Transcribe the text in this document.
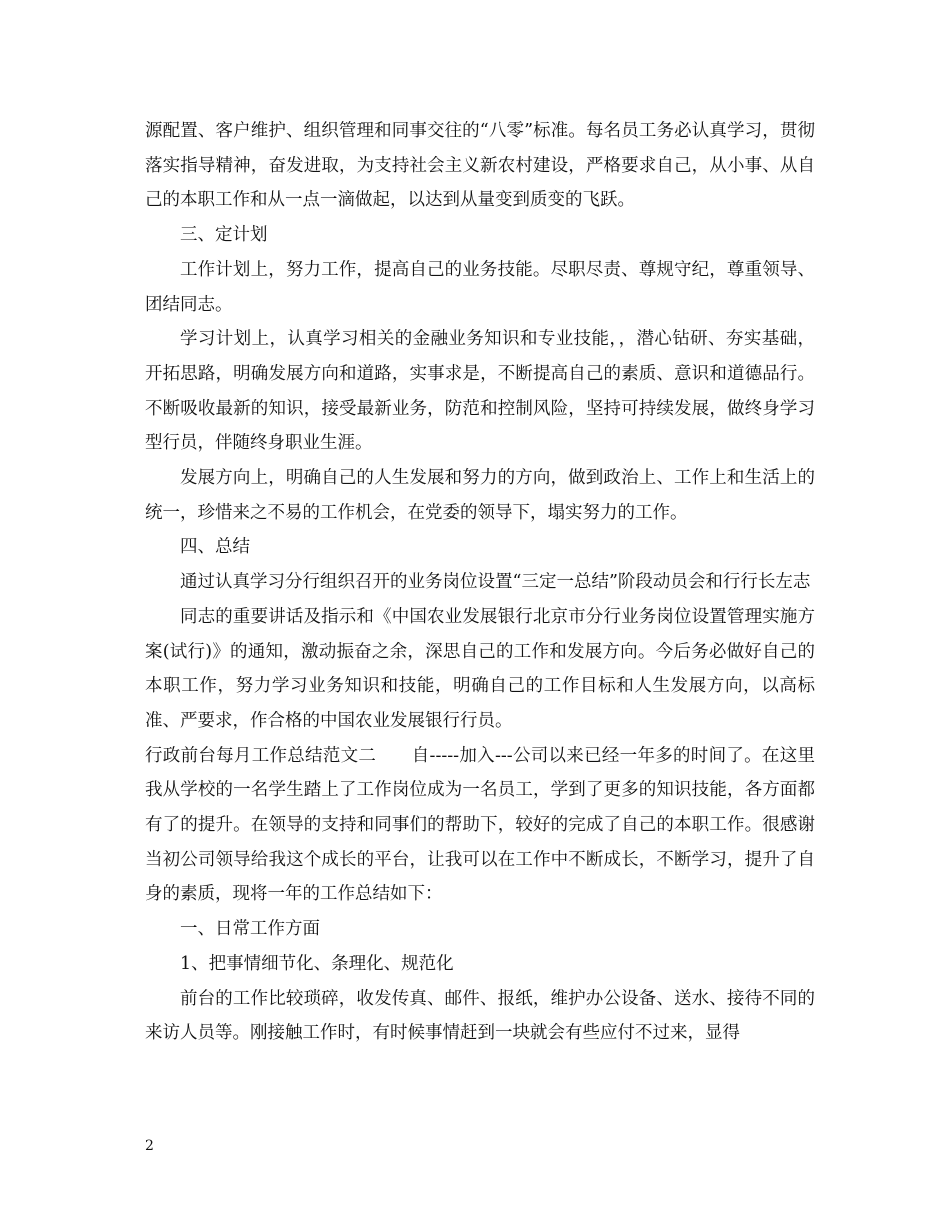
源配置、客户维护、组织管理和同事交往的“八零”标准。每名员工务必认真学习，贯彻落实指导精神，奋发进取，为支持社会主义新农村建设，严格要求自己，从小事、从自己的本职工作和从一点一滴做起，以达到从量变到质变的飞跃。

三、定计划

工作计划上，努力工作，提高自己的业务技能。尽职尽责、尊规守纪，尊重领导、团结同志。

学习计划上，认真学习相关的金融业务知识和专业技能，，潜心钻研、夯实基础，开拓思路，明确发展方向和道路，实事求是，不断提高自己的素质、意识和道德品行。不断吸收最新的知识，接受最新业务，防范和控制风险，坚持可持续发展，做终身学习型行员，伴随终身职业生涯。

发展方向上，明确自己的人生发展和努力的方向，做到政治上、工作上和生活上的统一，珍惜来之不易的工作机会，在党委的领导下，塌实努力的工作。

四、总结

通过认真学习分行组织召开的业务岗位设置“三定一总结”阶段动员会和行行长左志

同志的重要讲话及指示和《中国农业发展银行北京市分行业务岗位设置管理实施方案(试行)》的通知，激动振奋之余，深思自己的工作和发展方向。今后务必做好自己的本职工作，努力学习业务知识和技能，明确自己的工作目标和人生发展方向，以高标准、严要求，作合格的中国农业发展银行行员。

行政前台每月工作总结范文二　　自-----加入---公司以来已经一年多的时间了。在这里我从学校的一名学生踏上了工作岗位成为一名员工，学到了更多的知识技能，各方面都有了的提升。在领导的支持和同事们的帮助下，较好的完成了自己的本职工作。很感谢当初公司领导给我这个成长的平台，让我可以在工作中不断成长，不断学习，提升了自身的素质，现将一年的工作总结如下：

一、日常工作方面

1、把事情细节化、条理化、规范化

前台的工作比较琐碎，收发传真、邮件、报纸，维护办公设备、送水、接待不同的来访人员等。刚接触工作时，有时候事情赶到一块就会有些应付不过来，显得

2
